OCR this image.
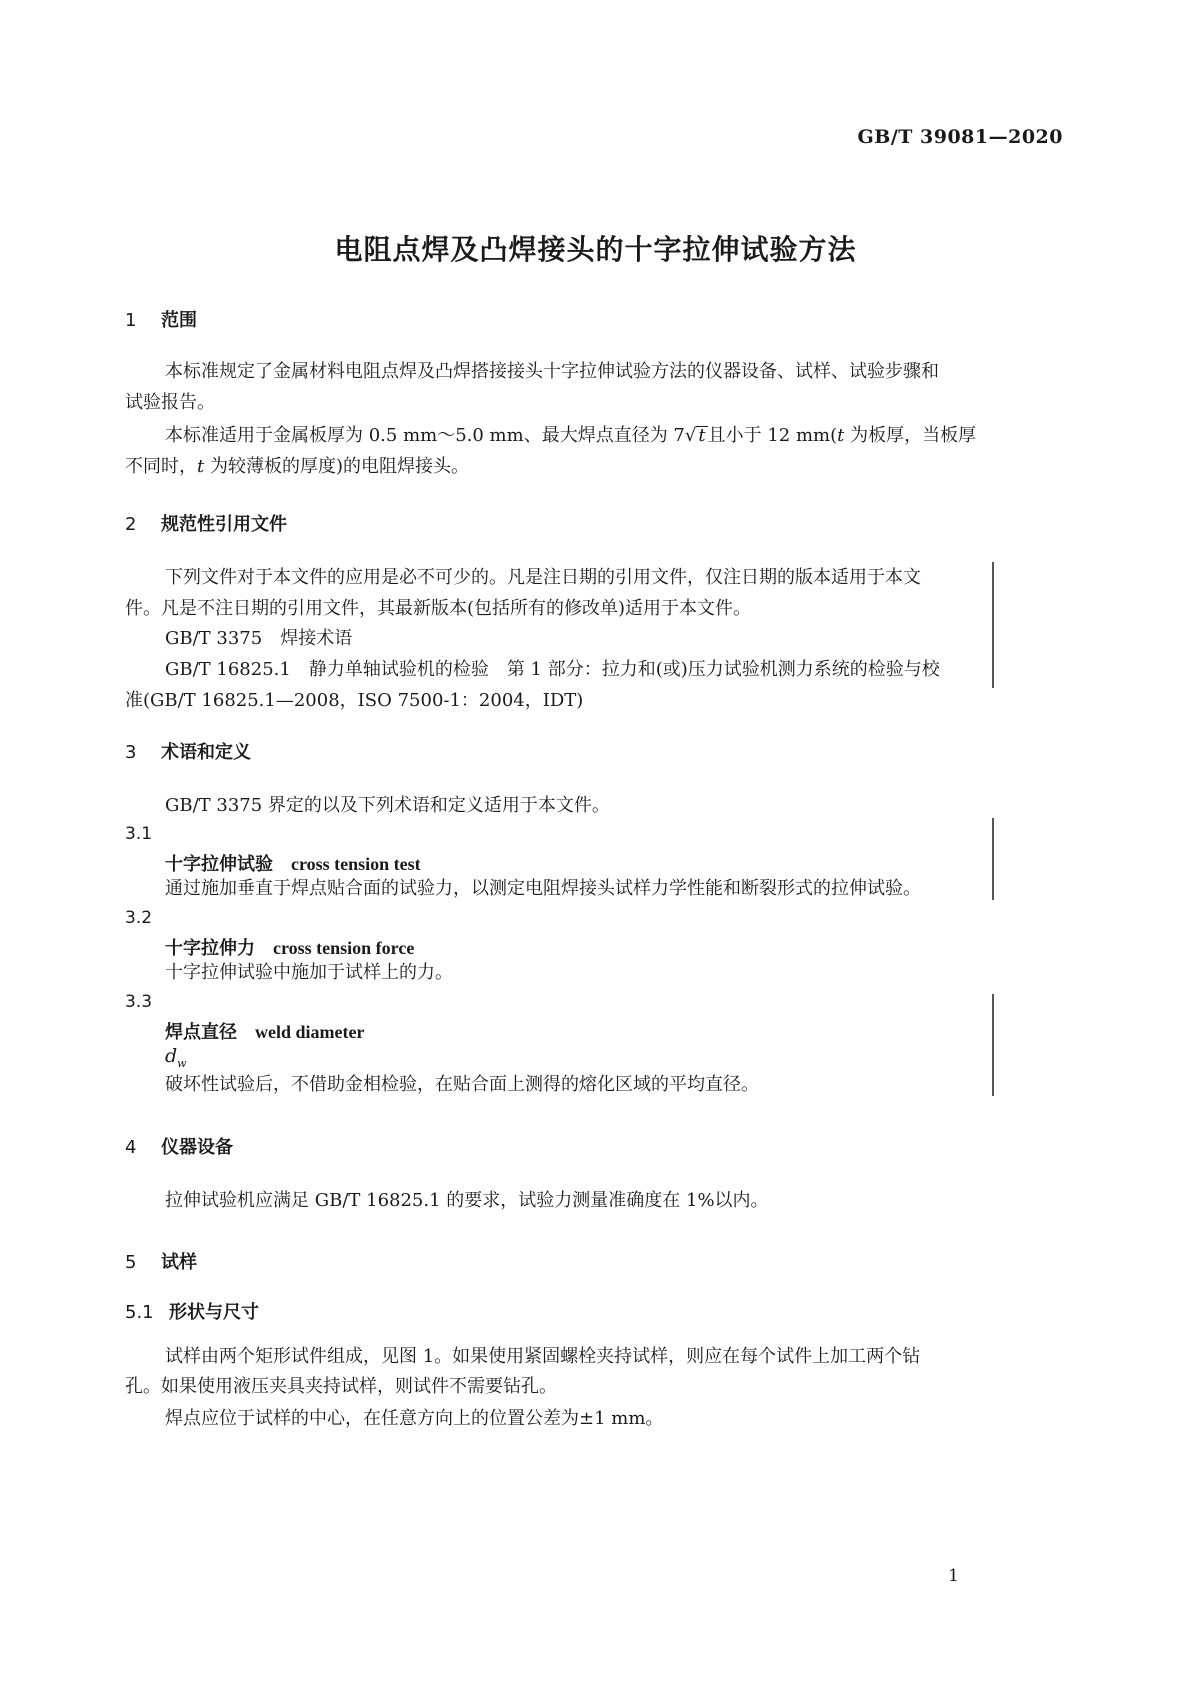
GB/T 39081—2020
电阻点焊及凸焊接头的十字拉伸试验方法
1 范围
本标准规定了金属材料电阻点焊及凸焊搭接接头十字拉伸试验方法的仪器设备、试样、试验步骤和
试验报告。
本标准适用于金属板厚为 0.5 mm～5.0 mm、最大焊点直径为 7√ t 且小于 12 mm(t 为板厚，当板厚
不同时，t 为较薄板的厚度)的电阻焊接头。
2 规范性引用文件
下列文件对于本文件的应用是必不可少的。凡是注日期的引用文件，仅注日期的版本适用于本文
件。凡是不注日期的引用文件，其最新版本(包括所有的修改单)适用于本文件。
GB/T 3375　焊接术语
GB/T 16825.1　静力单轴试验机的检验　第 1 部分：拉力和(或)压力试验机测力系统的检验与校
准(GB/T 16825.1—2008，ISO 7500-1：2004，IDT)
3 术语和定义
GB/T 3375 界定的以及下列术语和定义适用于本文件。
3.1
十字拉伸试验 cross tension test
通过施加垂直于焊点贴合面的试验力，以测定电阻焊接头试样力学性能和断裂形式的拉伸试验。
3.2
十字拉伸力 cross tension force
十字拉伸试验中施加于试样上的力。
3.3
焊点直径 weld diameter
$d_w$
破坏性试验后，不借助金相检验，在贴合面上测得的熔化区域的平均直径。
4 仪器设备
拉伸试验机应满足 GB/T 16825.1 的要求，试验力测量准确度在 1%以内。
5 试样
5.1 形状与尺寸
试样由两个矩形试件组成，见图 1。如果使用紧固螺栓夹持试样，则应在每个试件上加工两个钻
孔。如果使用液压夹具夹持试样，则试件不需要钻孔。
焊点应位于试样的中心，在任意方向上的位置公差为±1 mm。
1
